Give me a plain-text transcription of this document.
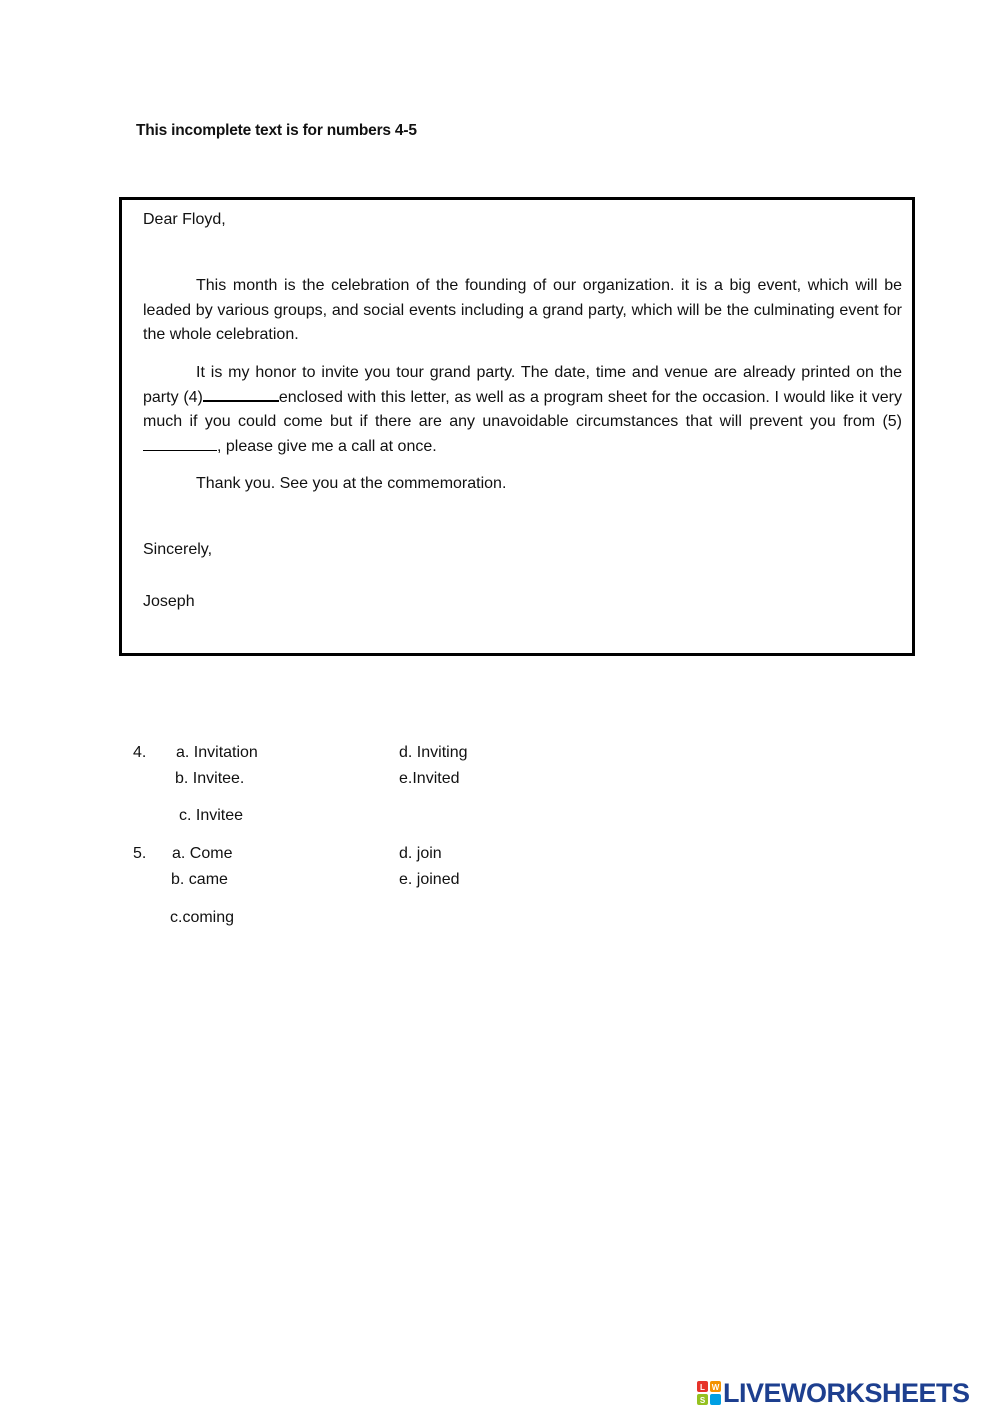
This incomplete text is for numbers 4-5
Dear Floyd,
This month is the celebration of the founding of our organization. it is a big event, which will be leaded by various groups, and social events including a grand party, which will be the culminating event for the whole celebration.
It is my honor to invite you tour grand party. The date, time and venue are already printed on the party (4)	enclosed with this letter, as well as a program sheet for the occasion. I would like it very much if you could come but if there are any unavoidable circumstances that will prevent you from (5), please give me a call at once.
Thank you. See you at the commemoration.
Sincerely,
Joseph
4. a. Invitation
b. Invitee.
c. Invitee
d. Inviting
e.Invited
5. a. Come
b. came
c.coming
d. join
e. joined
L W
S LIVEWORKSHEETS
